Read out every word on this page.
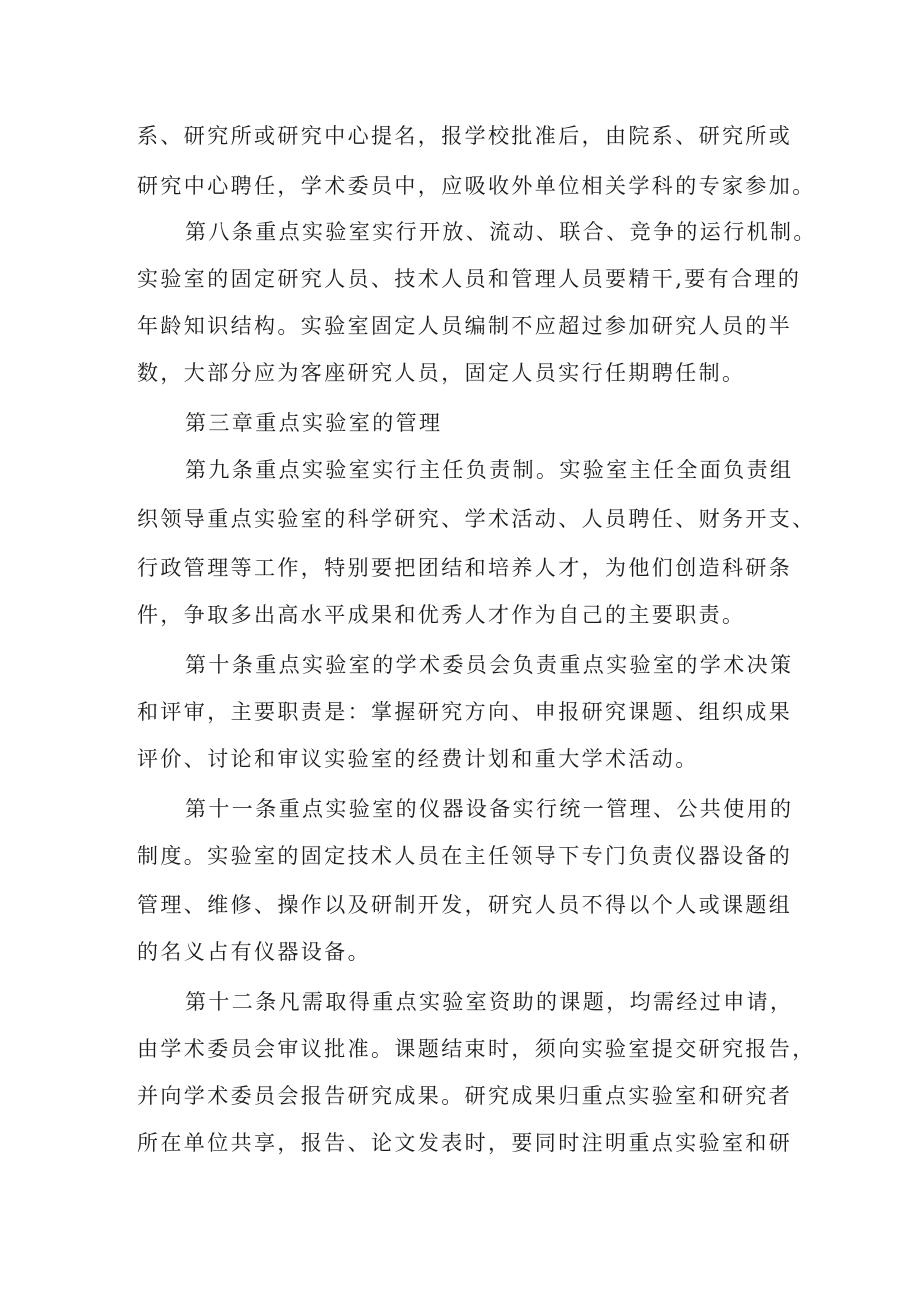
系、研究所或研究中心提名，报学校批准后，由院系、研究所或
研究中心聘任，学术委员中，应吸收外单位相关学科的专家参加。
第八条重点实验室实行开放、流动、联合、竞争的运行机制。
实验室的固定研究人员、技术人员和管理人员要精干,要有合理的
年龄知识结构。实验室固定人员编制不应超过参加研究人员的半
数，大部分应为客座研究人员，固定人员实行任期聘任制。
第三章重点实验室的管理
第九条重点实验室实行主任负责制。实验室主任全面负责组
织领导重点实验室的科学研究、学术活动、人员聘任、财务开支、
行政管理等工作，特别要把团结和培养人才，为他们创造科研条
件，争取多出高水平成果和优秀人才作为自己的主要职责。
第十条重点实验室的学术委员会负责重点实验室的学术决策
和评审，主要职责是：掌握研究方向、申报研究课题、组织成果
评价、讨论和审议实验室的经费计划和重大学术活动。
第十一条重点实验室的仪器设备实行统一管理、公共使用的
制度。实验室的固定技术人员在主任领导下专门负责仪器设备的
管理、维修、操作以及研制开发，研究人员不得以个人或课题组
的名义占有仪器设备。
第十二条凡需取得重点实验室资助的课题，均需经过申请，
由学术委员会审议批准。课题结束时，须向实验室提交研究报告，
并向学术委员会报告研究成果。研究成果归重点实验室和研究者
所在单位共享，报告、论文发表时，要同时注明重点实验室和研
